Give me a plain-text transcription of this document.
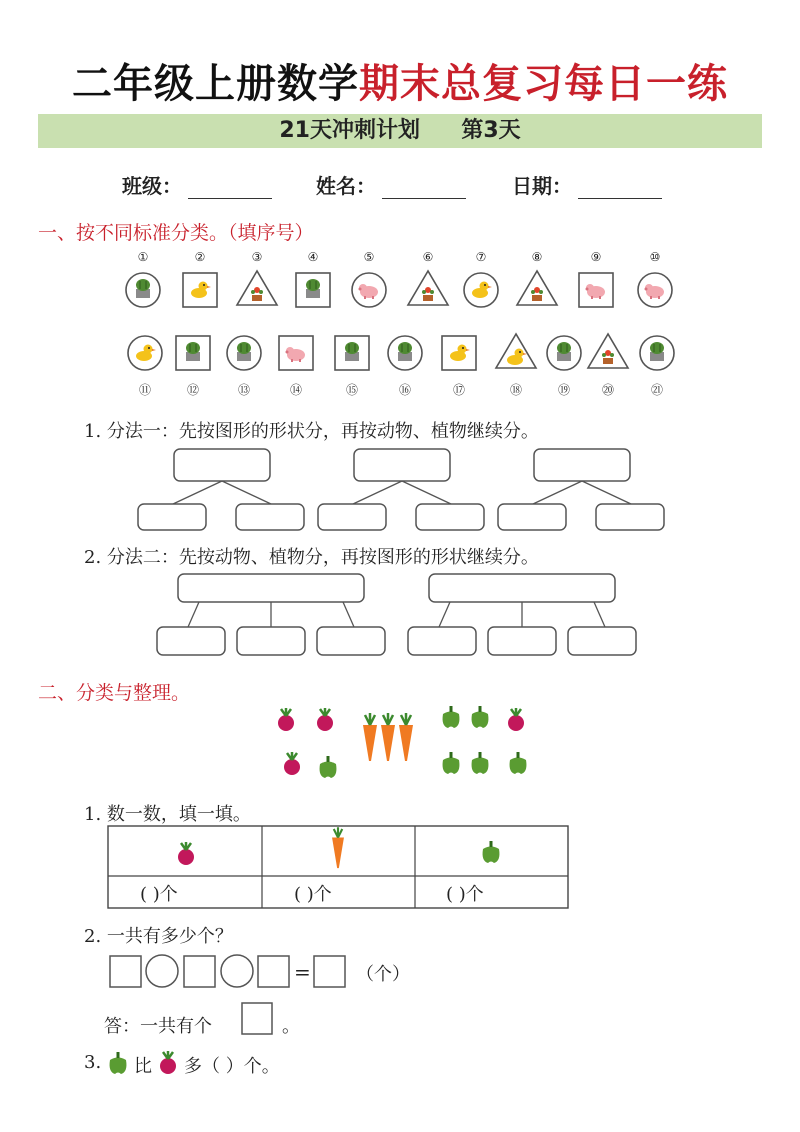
二年级上册数学期末总复习每日一练
21天冲刺计划 第3天
班级：	姓名：	日期：
一、按不同标准分类。（填序号）
①	②	③	④	⑤	⑥	⑦	⑧	⑨	⑩
⑪	⑫	⑬	⑭	⑮	⑯	⑰	⑱	⑲	⑳	㉑
1. 分法一：先按图形的形状分，再按动物、植物继续分。
2. 分法二：先按动物、植物分，再按图形的形状继续分。
二、分类与整理。
1. 数一数，填一填。
( )个	( )个	( )个
2. 一共有多少个？
=	（个）
答：一共有个	。
3. 比 多（ ）个。
